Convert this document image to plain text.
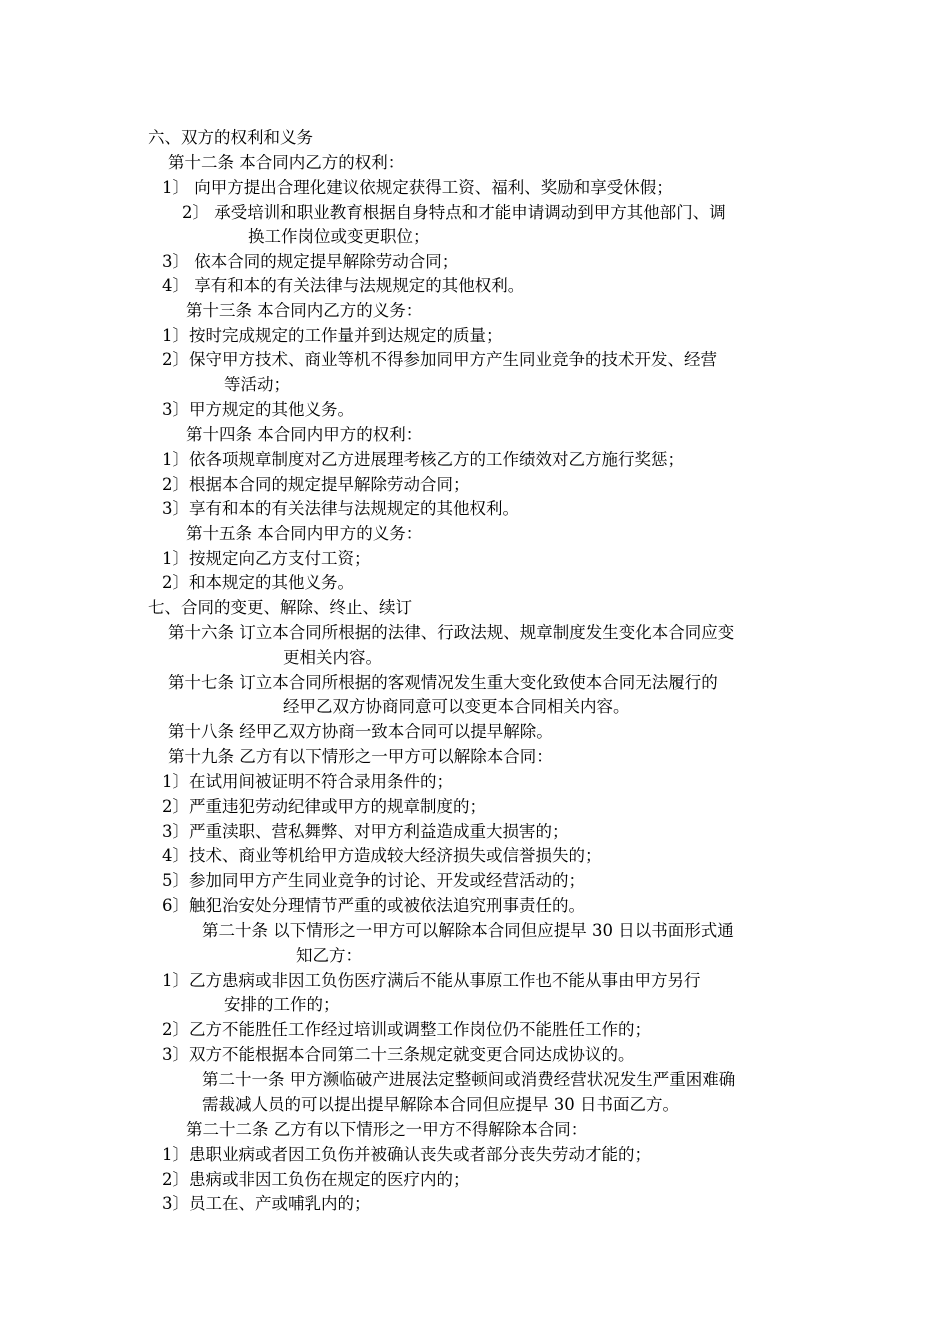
六、双方的权利和义务
第十二条 本合同内乙方的权利：
1〕 向甲方提出合理化建议依规定获得工资、福利、奖励和享受休假；
2〕 承受培训和职业教育根据自身特点和才能申请调动到甲方其他部门、调
换工作岗位或变更职位；
3〕 依本合同的规定提早解除劳动合同；
4〕 享有和本的有关法律与法规规定的其他权利。
第十三条 本合同内乙方的义务：
1〕按时完成规定的工作量并到达规定的质量；
2〕保守甲方技术、商业等机不得参加同甲方产生同业竞争的技术开发、经营
等活动；
3〕甲方规定的其他义务。
第十四条 本合同内甲方的权利：
1〕依各项规章制度对乙方进展理考核乙方的工作绩效对乙方施行奖惩；
2〕根据本合同的规定提早解除劳动合同；
3〕享有和本的有关法律与法规规定的其他权利。
第十五条 本合同内甲方的义务：
1〕按规定向乙方支付工资；
2〕和本规定的其他义务。
七、合同的变更、解除、终止、续订
第十六条 订立本合同所根据的法律、行政法规、规章制度发生变化本合同应变
更相关内容。
第十七条 订立本合同所根据的客观情况发生重大变化致使本合同无法履行的
经甲乙双方协商同意可以变更本合同相关内容。
第十八条 经甲乙双方协商一致本合同可以提早解除。
第十九条 乙方有以下情形之一甲方可以解除本合同：
1〕在试用间被证明不符合录用条件的；
2〕严重违犯劳动纪律或甲方的规章制度的；
3〕严重渎职、营私舞弊、对甲方利益造成重大损害的；
4〕技术、商业等机给甲方造成较大经济损失或信誉损失的；
5〕参加同甲方产生同业竞争的讨论、开发或经营活动的；
6〕触犯治安处分理情节严重的或被依法追究刑事责任的。
第二十条 以下情形之一甲方可以解除本合同但应提早 30 日以书面形式通
知乙方：
1〕乙方患病或非因工负伤医疗满后不能从事原工作也不能从事由甲方另行
安排的工作的；
2〕乙方不能胜任工作经过培训或调整工作岗位仍不能胜任工作的；
3〕双方不能根据本合同第二十三条规定就变更合同达成协议的。
第二十一条 甲方濒临破产进展法定整顿间或消费经营状况发生严重困难确
需裁减人员的可以提出提早解除本合同但应提早 30 日书面乙方。
第二十二条 乙方有以下情形之一甲方不得解除本合同：
1〕患职业病或者因工负伤并被确认丧失或者部分丧失劳动才能的；
2〕患病或非因工负伤在规定的医疗内的；
3〕员工在、产或哺乳内的；
